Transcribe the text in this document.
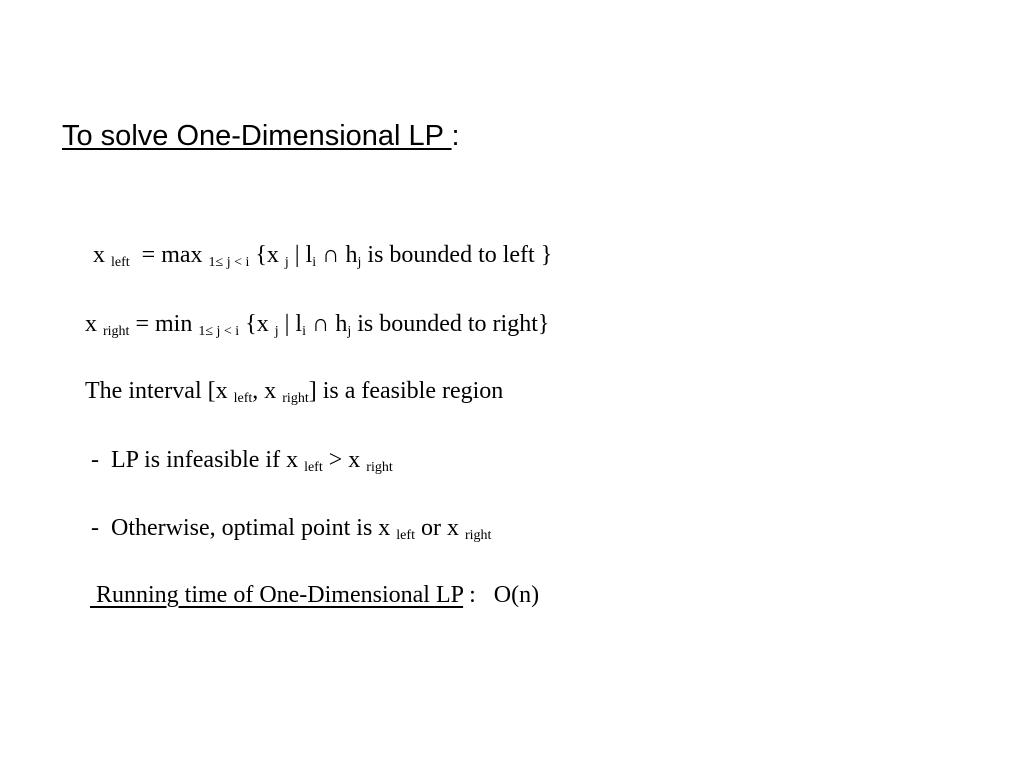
To solve One-Dimensional LP :
x $_{left}$ = max $_{1\le j < i}$ {x $_j$ | $l_i$ ∩ $h_j$ is bounded to left }
x $_{right}$ = min $_{1\le j < i}$ {x $_j$ | $l_i$ ∩ $h_j$ is bounded to right}
The interval [x $_{left}$, x $_{right}$] is a feasible region
-  LP is infeasible if x $_{left}$ > x $_{right}$
-  Otherwise, optimal point is x $_{left}$ or x $_{right}$
Running time of One-Dimensional LP :   O(n)
